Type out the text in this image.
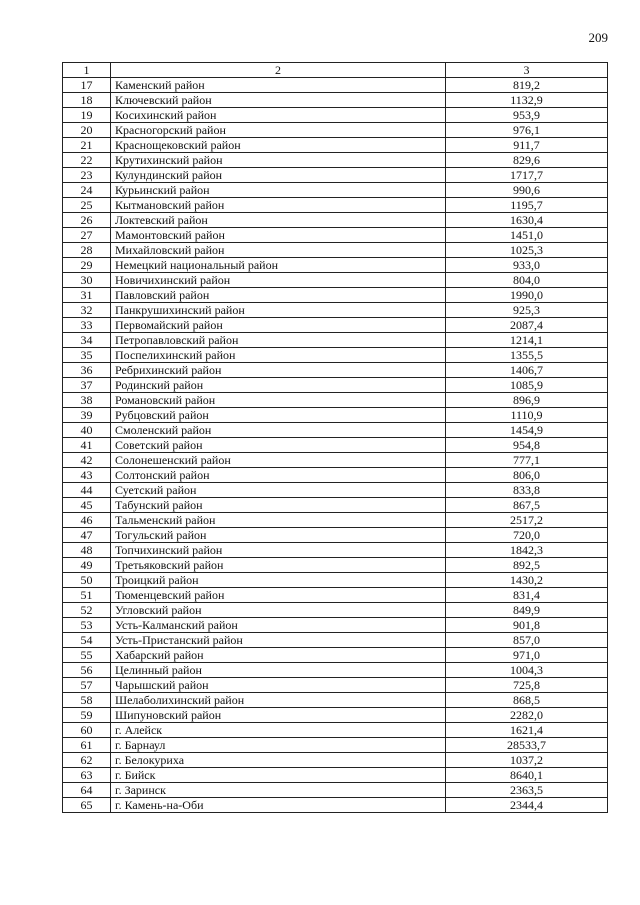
209
1	2	3
17	Каменский район	819,2
18	Ключевский район	1132,9
19	Косихинский район	953,9
20	Красногорский район	976,1
21	Краснощековский район	911,7
22	Крутихинский район	829,6
23	Кулундинский район	1717,7
24	Курьинский район	990,6
25	Кытмановский район	1195,7
26	Локтевский район	1630,4
27	Мамонтовский район	1451,0
28	Михайловский район	1025,3
29	Немецкий национальный район	933,0
30	Новичихинский район	804,0
31	Павловский район	1990,0
32	Панкрушихинский район	925,3
33	Первомайский район	2087,4
34	Петропавловский район	1214,1
35	Поспелихинский район	1355,5
36	Ребрихинский район	1406,7
37	Родинский район	1085,9
38	Романовский район	896,9
39	Рубцовский район	1110,9
40	Смоленский район	1454,9
41	Советский район	954,8
42	Солонешенский район	777,1
43	Солтонский район	806,0
44	Суетский район	833,8
45	Табунский район	867,5
46	Тальменский район	2517,2
47	Тогульский район	720,0
48	Топчихинский район	1842,3
49	Третьяковский район	892,5
50	Троицкий район	1430,2
51	Тюменцевский район	831,4
52	Угловский район	849,9
53	Усть-Калманский район	901,8
54	Усть-Пристанский район	857,0
55	Хабарский район	971,0
56	Целинный район	1004,3
57	Чарышский район	725,8
58	Шелаболихинский район	868,5
59	Шипуновский район	2282,0
60	г. Алейск	1621,4
61	г. Барнаул	28533,7
62	г. Белокуриха	1037,2
63	г. Бийск	8640,1
64	г. Заринск	2363,5
65	г. Камень-на-Оби	2344,4
